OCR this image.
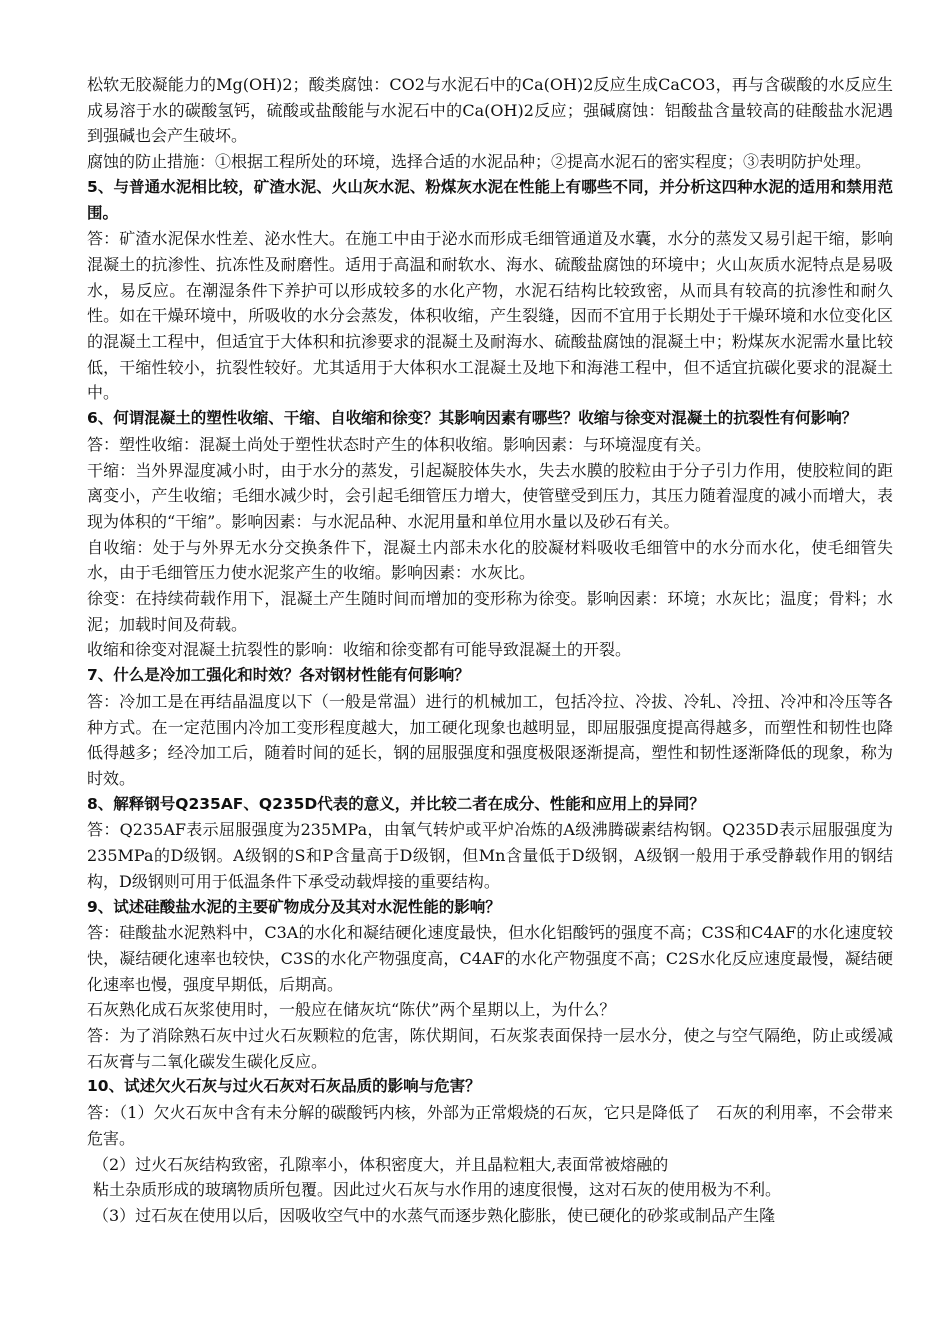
松软无胶凝能力的Mg(OH)2；酸类腐蚀：CO2与水泥石中的Ca(OH)2反应生成CaCO3，再与含碳酸的水反应生成易溶于水的碳酸氢钙，硫酸或盐酸能与水泥石中的Ca(OH)2反应；强碱腐蚀：铝酸盐含量较高的硅酸盐水泥遇到强碱也会产生破坏。

腐蚀的防止措施：①根据工程所处的环境，选择合适的水泥品种；②提高水泥石的密实程度；③表明防护处理。

5、与普通水泥相比较，矿渣水泥、火山灰水泥、粉煤灰水泥在性能上有哪些不同，并分析这四种水泥的适用和禁用范围。

答：矿渣水泥保水性差、泌水性大。在施工中由于泌水而形成毛细管通道及水囊，水分的蒸发又易引起干缩，影响混凝土的抗渗性、抗冻性及耐磨性。适用于高温和耐软水、海水、硫酸盐腐蚀的环境中；火山灰质水泥特点是易吸水，易反应。在潮湿条件下养护可以形成较多的水化产物，水泥石结构比较致密，从而具有较高的抗渗性和耐久性。如在干燥环境中，所吸收的水分会蒸发，体积收缩，产生裂缝，因而不宜用于长期处于干燥环境和水位变化区的混凝土工程中，但适宜于大体积和抗渗要求的混凝土及耐海水、硫酸盐腐蚀的混凝土中；粉煤灰水泥需水量比较低，干缩性较小，抗裂性较好。尤其适用于大体积水工混凝土及地下和海港工程中，但不适宜抗碳化要求的混凝土中。

6、何谓混凝土的塑性收缩、干缩、自收缩和徐变？其影响因素有哪些？收缩与徐变对混凝土的抗裂性有何影响？

答：塑性收缩：混凝土尚处于塑性状态时产生的体积收缩。影响因素：与环境湿度有关。

干缩：当外界湿度减小时，由于水分的蒸发，引起凝胶体失水，失去水膜的胶粒由于分子引力作用，使胶粒间的距离变小，产生收缩；毛细水减少时，会引起毛细管压力增大，使管壁受到压力，其压力随着湿度的减小而增大，表现为体积的“干缩”。影响因素：与水泥品种、水泥用量和单位用水量以及砂石有关。

自收缩：处于与外界无水分交换条件下，混凝土内部未水化的胶凝材料吸收毛细管中的水分而水化，使毛细管失水，由于毛细管压力使水泥浆产生的收缩。影响因素：水灰比。

徐变：在持续荷载作用下，混凝土产生随时间而增加的变形称为徐变。影响因素：环境；水灰比；温度；骨料；水泥；加载时间及荷载。

收缩和徐变对混凝土抗裂性的影响：收缩和徐变都有可能导致混凝土的开裂。

7、什么是冷加工强化和时效？各对钢材性能有何影响？

答：冷加工是在再结晶温度以下（一般是常温）进行的机械加工，包括冷拉、冷拔、冷轧、冷扭、冷冲和冷压等各种方式。在一定范围内冷加工变形程度越大，加工硬化现象也越明显，即屈服强度提高得越多，而塑性和韧性也降低得越多；经冷加工后，随着时间的延长，钢的屈服强度和强度极限逐渐提高，塑性和韧性逐渐降低的现象，称为时效。

8、解释钢号Q235AF、Q235D代表的意义，并比较二者在成分、性能和应用上的异同？

答：Q235AF表示屈服强度为235MPa，由氧气转炉或平炉冶炼的A级沸腾碳素结构钢。Q235D表示屈服强度为235MPa的D级钢。A级钢的S和P含量高于D级钢，但Mn含量低于D级钢，A级钢一般用于承受静载作用的钢结构，D级钢则可用于低温条件下承受动载焊接的重要结构。

9、试述硅酸盐水泥的主要矿物成分及其对水泥性能的影响？

答：硅酸盐水泥熟料中，C3A的水化和凝结硬化速度最快，但水化铝酸钙的强度不高；C3S和C4AF的水化速度较快，凝结硬化速率也较快，C3S的水化产物强度高，C4AF的水化产物强度不高；C2S水化反应速度最慢，凝结硬化速率也慢，强度早期低，后期高。

石灰熟化成石灰浆使用时，一般应在储灰坑“陈伏”两个星期以上，为什么？

答：为了消除熟石灰中过火石灰颗粒的危害，陈伏期间，石灰浆表面保持一层水分，使之与空气隔绝，防止或缓减石灰膏与二氧化碳发生碳化反应。

10、试述欠火石灰与过火石灰对石灰品质的影响与危害？

答：（1）欠火石灰中含有未分解的碳酸钙内核，外部为正常煅烧的石灰，它只是降低了　石灰的利用率，不会带来危害。

（2）过火石灰结构致密，孔隙率小，体积密度大，并且晶粒粗大,表面常被熔融的

粘土杂质形成的玻璃物质所包覆。因此过火石灰与水作用的速度很慢，这对石灰的使用极为不利。

（3）过石灰在使用以后，因吸收空气中的水蒸气而逐步熟化膨胀，使已硬化的砂浆或制品产生隆
